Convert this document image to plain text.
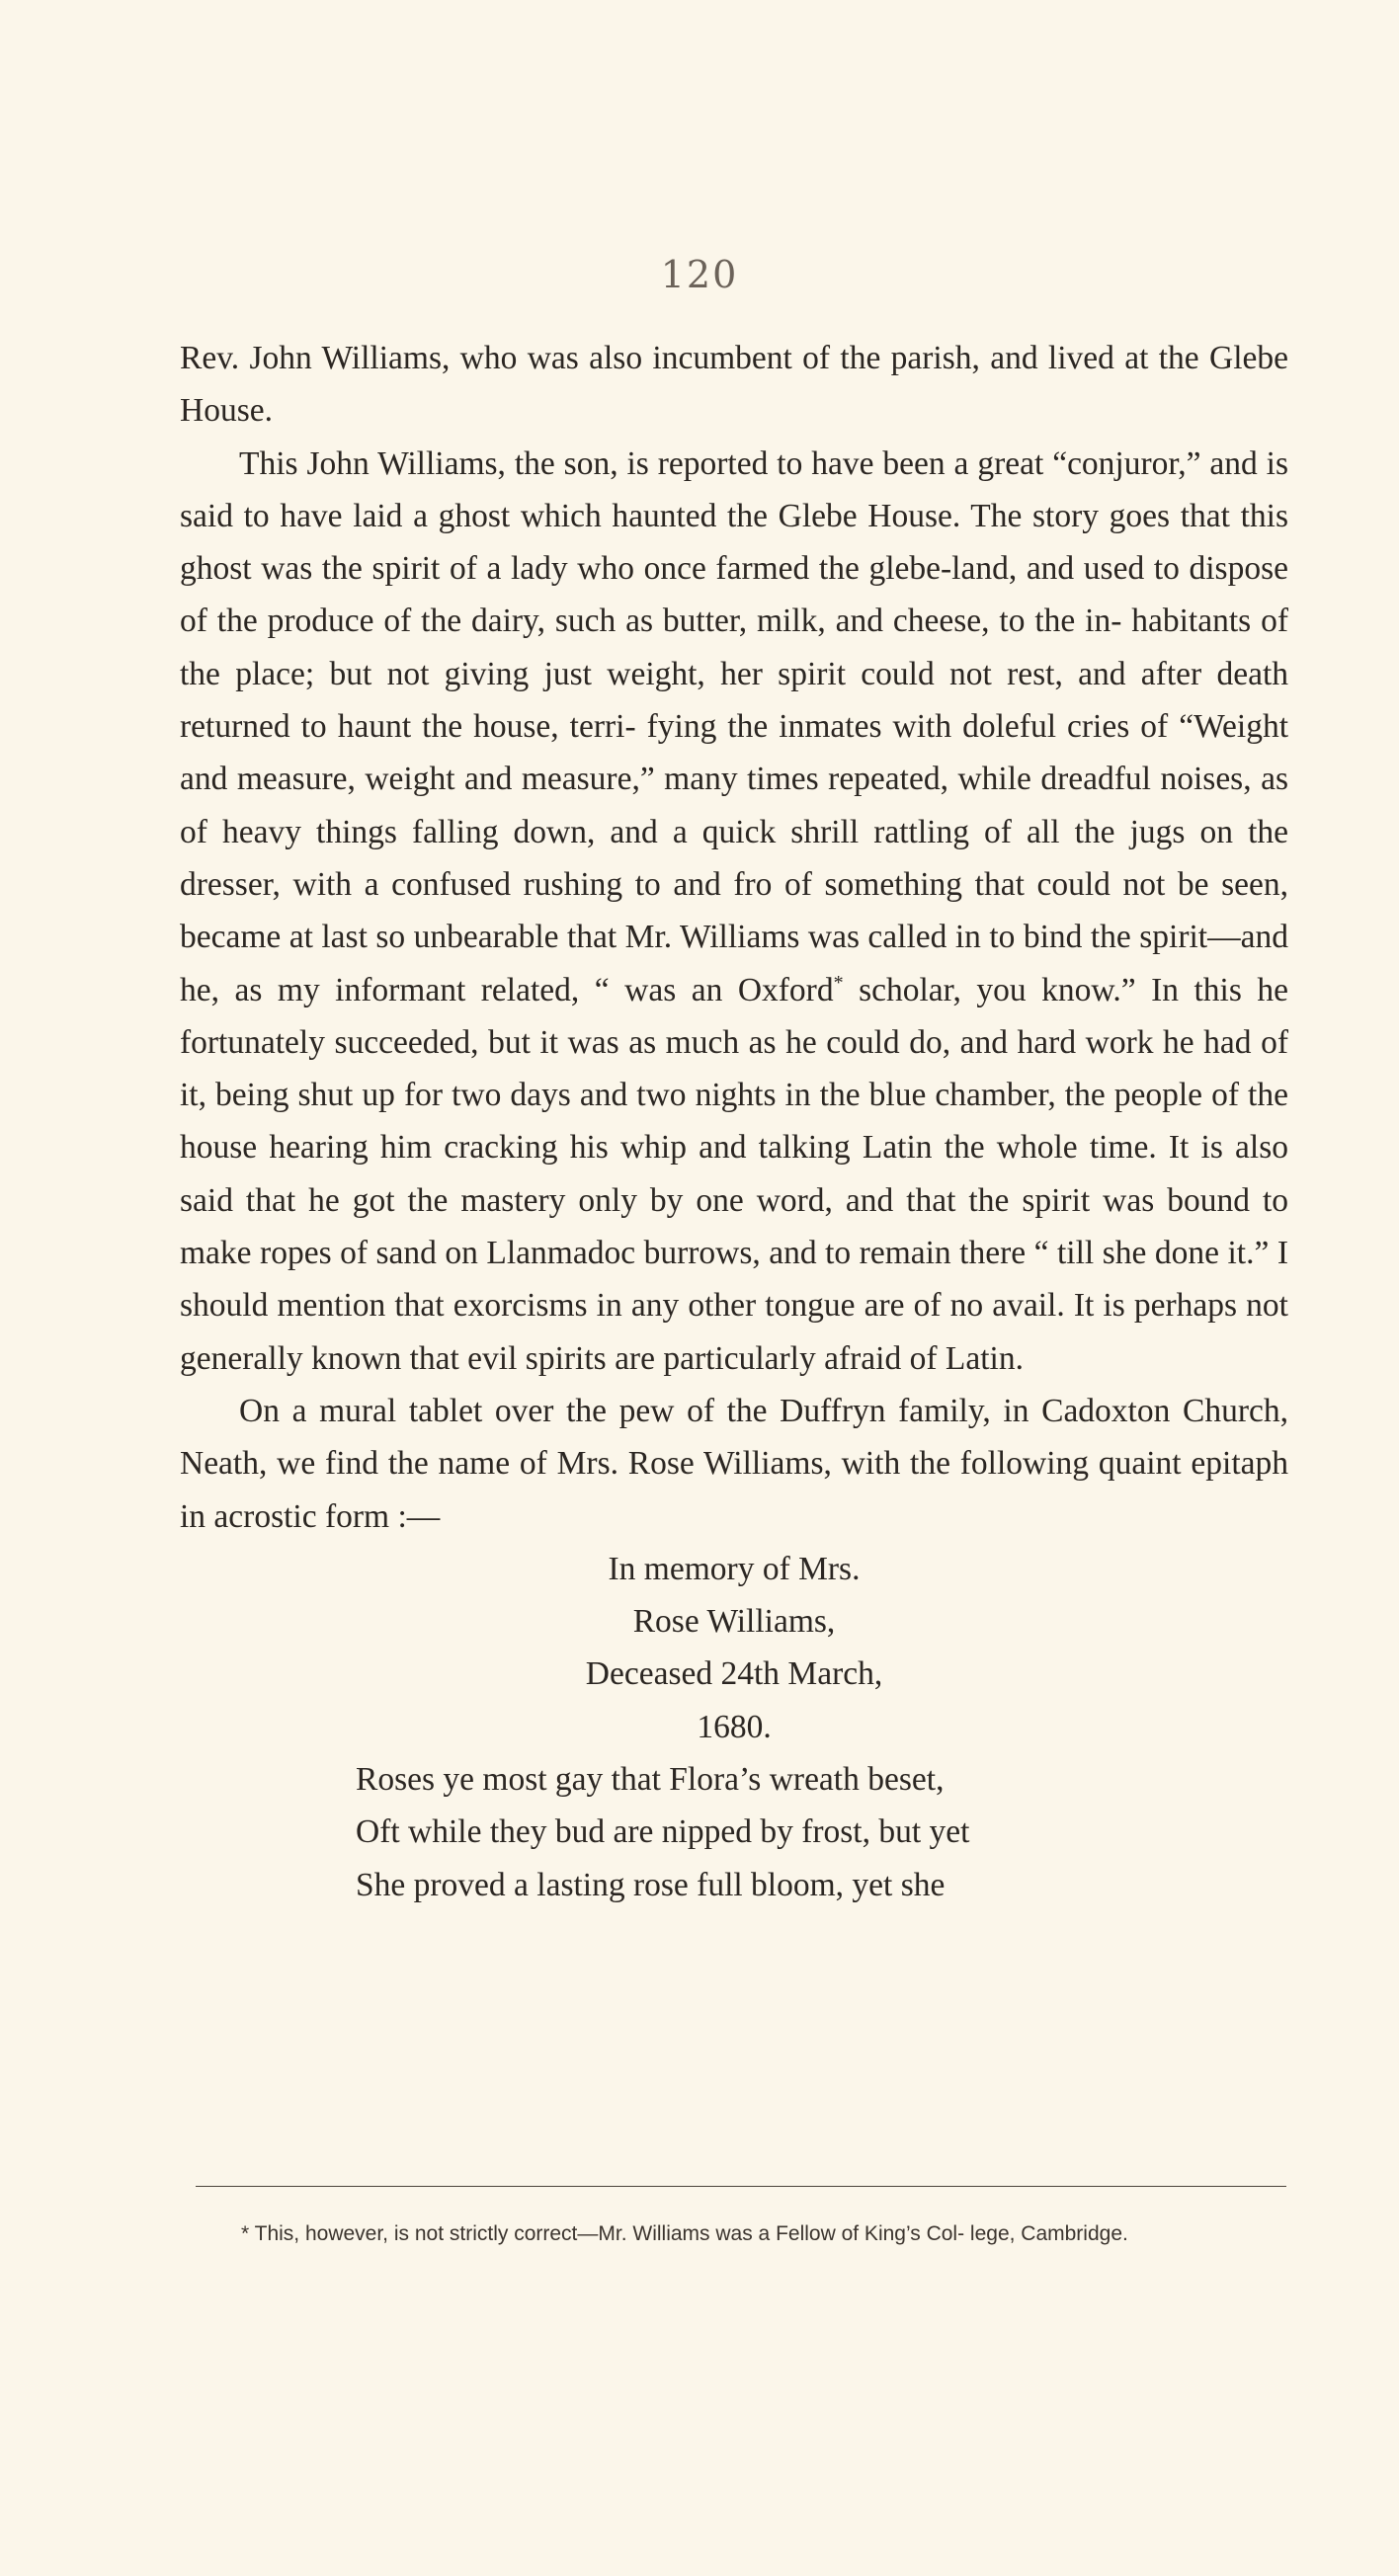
120

Rev. John Williams, who was also incumbent of the parish, and lived at the Glebe House.

This John Williams, the son, is reported to have been a great “conjuror,” and is said to have laid a ghost which haunted the Glebe House. The story goes that this ghost was the spirit of a lady who once farmed the glebe-land, and used to dispose of the produce of the dairy, such as butter, milk, and cheese, to the in- habitants of the place; but not giving just weight, her spirit could not rest, and after death returned to haunt the house, terri- fying the inmates with doleful cries of “Weight and measure, weight and measure,” many times repeated, while dreadful noises, as of heavy things falling down, and a quick shrill rattling of all the jugs on the dresser, with a confused rushing to and fro of something that could not be seen, became at last so unbearable that Mr. Williams was called in to bind the spirit—and he, as my informant related, “ was an Oxford* scholar, you know.” In this he fortunately succeeded, but it was as much as he could do, and hard work he had of it, being shut up for two days and two nights in the blue chamber, the people of the house hearing him cracking his whip and talking Latin the whole time. It is also said that he got the mastery only by one word, and that the spirit was bound to make ropes of sand on Llanmadoc burrows, and to remain there “ till she done it.” I should mention that exorcisms in any other tongue are of no avail. It is perhaps not generally known that evil spirits are particularly afraid of Latin.

On a mural tablet over the pew of the Duffryn family, in Cadoxton Church, Neath, we find the name of Mrs. Rose Williams, with the following quaint epitaph in acrostic form :—

In memory of Mrs.
Rose Williams,
Deceased 24th March,
1680.
Roses ye most gay that Flora’s wreath beset,
Oft while they bud are nipped by frost, but yet
She proved a lasting rose full bloom, yet she
* This, however, is not strictly correct—Mr. Williams was a Fellow of King’s Col- lege, Cambridge.
